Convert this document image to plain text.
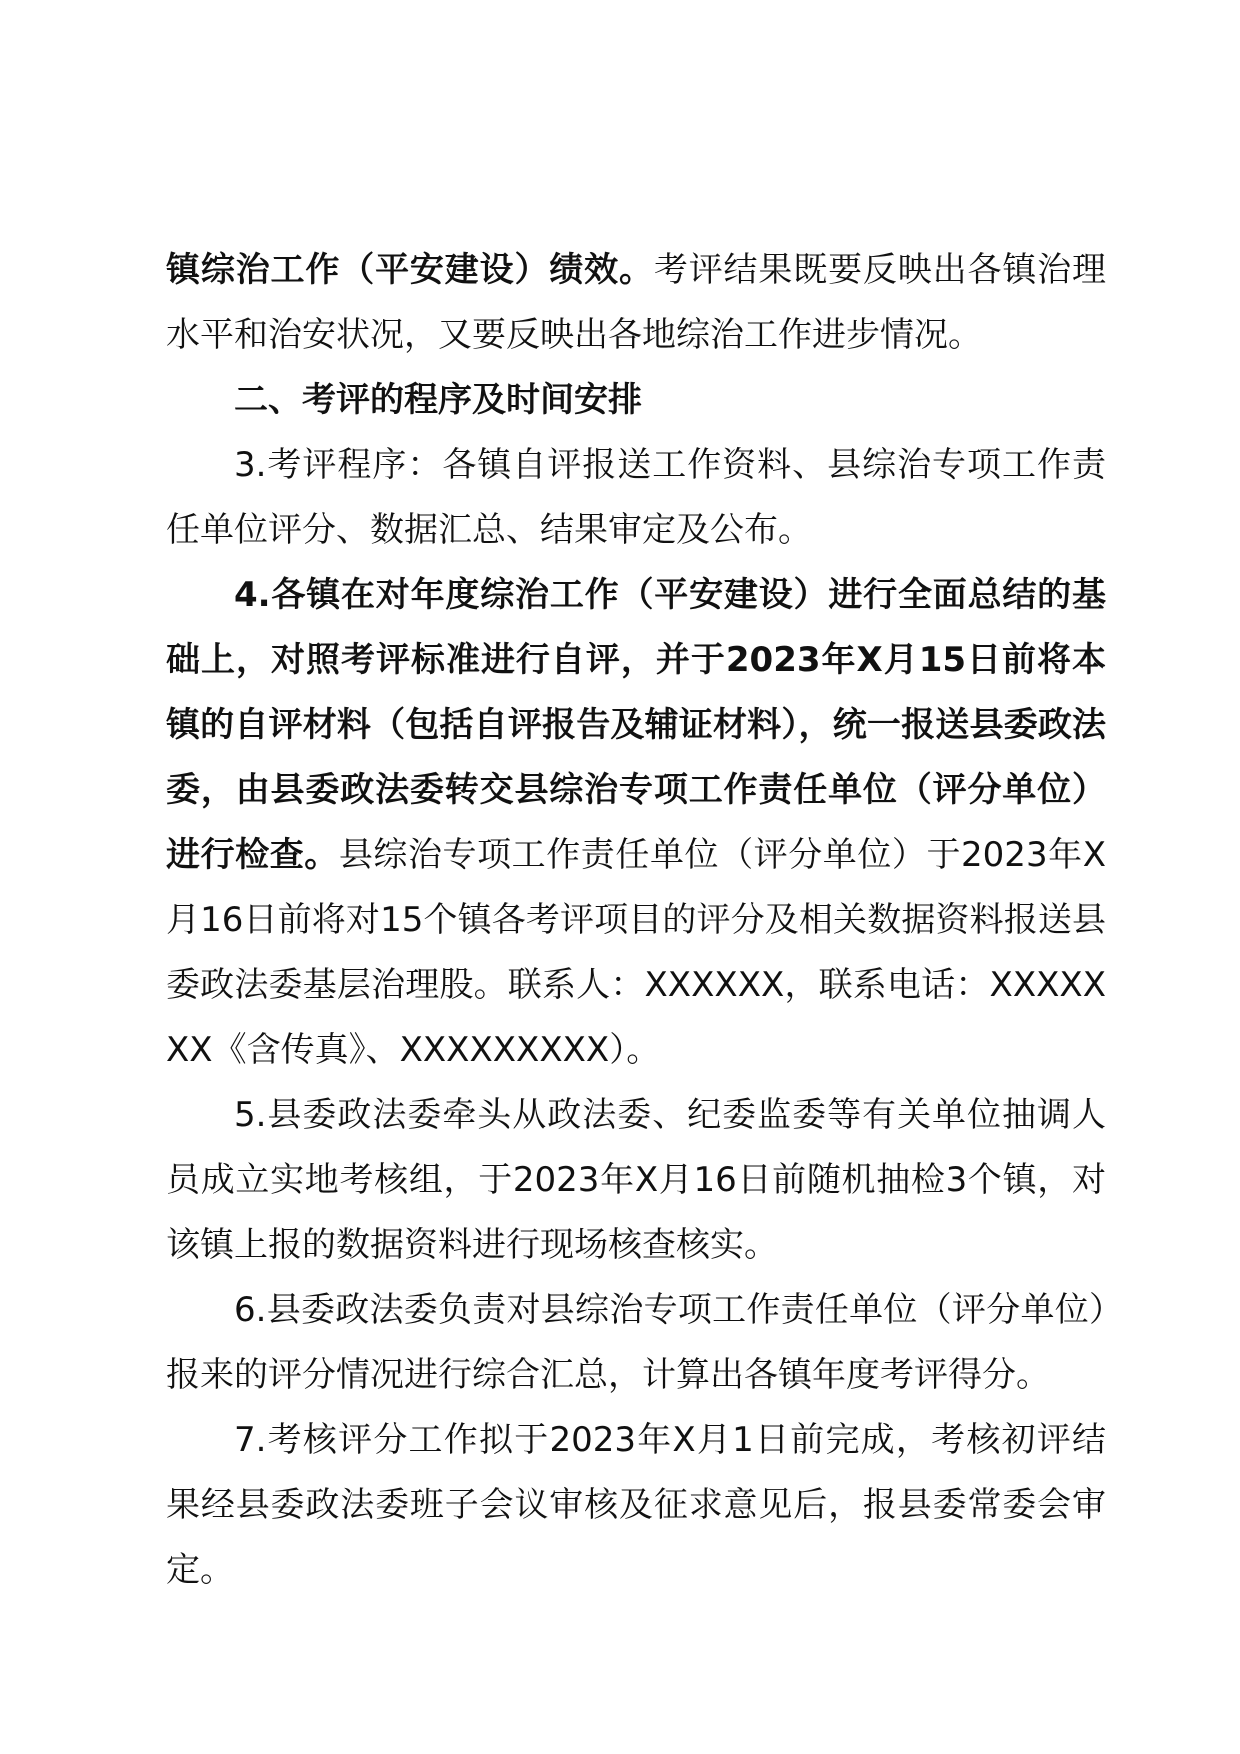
镇综治工作（平安建设）绩效。考评结果既要反映出各镇治理水平和治安状况，又要反映出各地综治工作进步情况。

二、考评的程序及时间安排

3.考评程序：各镇自评报送工作资料、县综治专项工作责任单位评分、数据汇总、结果审定及公布。

4.各镇在对年度综治工作（平安建设）进行全面总结的基础上，对照考评标准进行自评，并于2023年X月15日前将本镇的自评材料（包括自评报告及辅证材料），统一报送县委政法委，由县委政法委转交县综治专项工作责任单位（评分单位）进行检查。县综治专项工作责任单位（评分单位）于2023年X月16日前将对15个镇各考评项目的评分及相关数据资料报送县委政法委基层治理股。联系人：XXXXXX，联系电话：XXXXXXX《含传真》、XXXXXXXXX）。

5.县委政法委牵头从政法委、纪委监委等有关单位抽调人员成立实地考核组，于2023年X月16日前随机抽检3个镇，对该镇上报的数据资料进行现场核查核实。

6.县委政法委负责对县综治专项工作责任单位（评分单位）报来的评分情况进行综合汇总，计算出各镇年度考评得分。

7.考核评分工作拟于2023年X月1日前完成，考核初评结果经县委政法委班子会议审核及征求意见后，报县委常委会审定。
